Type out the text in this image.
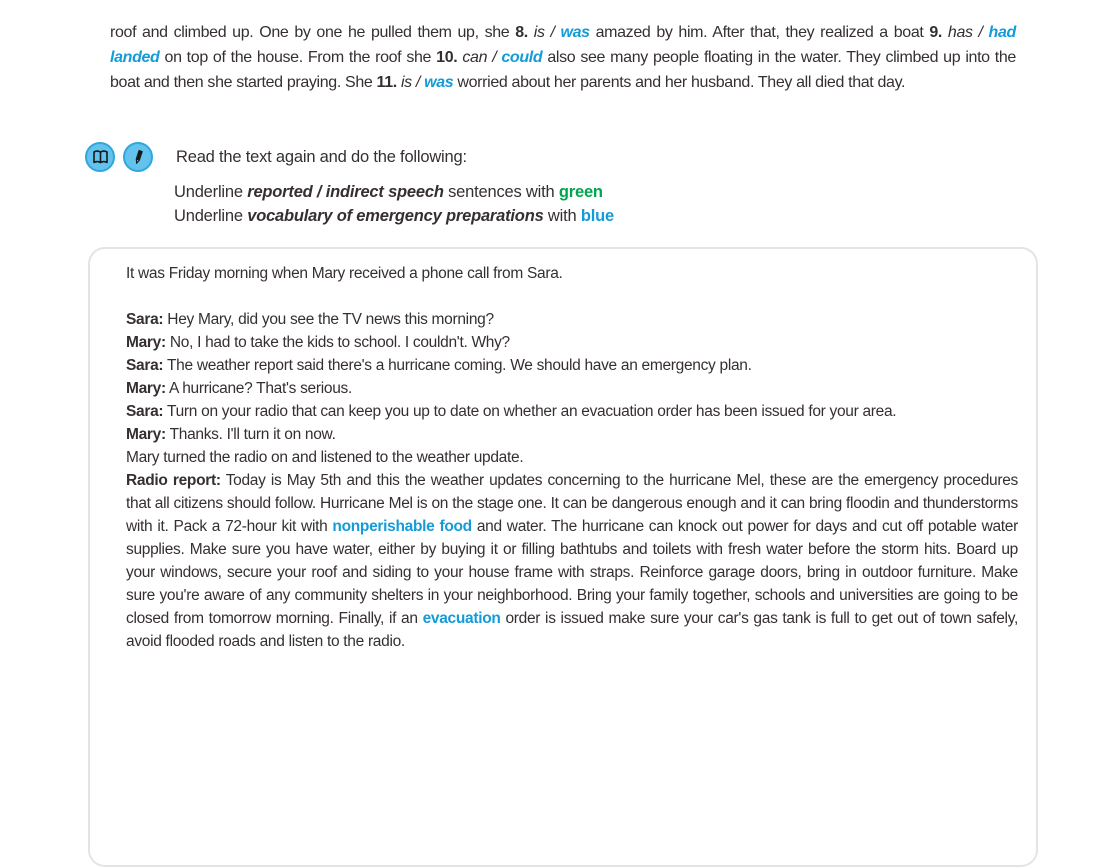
roof and climbed up. One by one he pulled them up, she 8. is / was amazed by him. After that, they realized a boat 9. has / had landed on top of the house. From the roof she 10. can / could also see many people floating in the water. They climbed up into the boat and then she started praying. She 11. is / was worried about her parents and her husband. They all died that day.

Read the text again and do the following:

Underline reported / indirect speech sentences with green

Underline vocabulary of emergency preparations with blue

It was Friday morning when Mary received a phone call from Sara.

Sara: Hey Mary, did you see the TV news this morning?

Mary: No, I had to take the kids to school. I couldn't. Why?

Sara: The weather report said there's a hurricane coming. We should have an emergency plan.

Mary: A hurricane? That's serious.

Sara: Turn on your radio that can keep you up to date on whether an evacuation order has been issued for your area.

Mary: Thanks. I'll turn it on now.

Mary turned the radio on and listened to the weather update.

Radio report: Today is May 5th and this the weather updates concerning to the hurricane Mel, these are the emergency procedures that all citizens should follow. Hurricane Mel is on the stage one. It can be dangerous enough and it can bring floodin and thunderstorms with it. Pack a 72-hour kit with nonperishable food and water. The hurricane can knock out power for days and cut off potable water supplies. Make sure you have water, either by buying it or filling bathtubs and toilets with fresh water before the storm hits. Board up your windows, secure your roof and siding to your house frame with straps. Reinforce garage doors, bring in outdoor furniture. Make sure you're aware of any community shelters in your neighborhood. Bring your family together, schools and universities are going to be closed from tomorrow morning. Finally, if an evacuation order is issued make sure your car's gas tank is full to get out of town safely, avoid flooded roads and listen to the radio.
